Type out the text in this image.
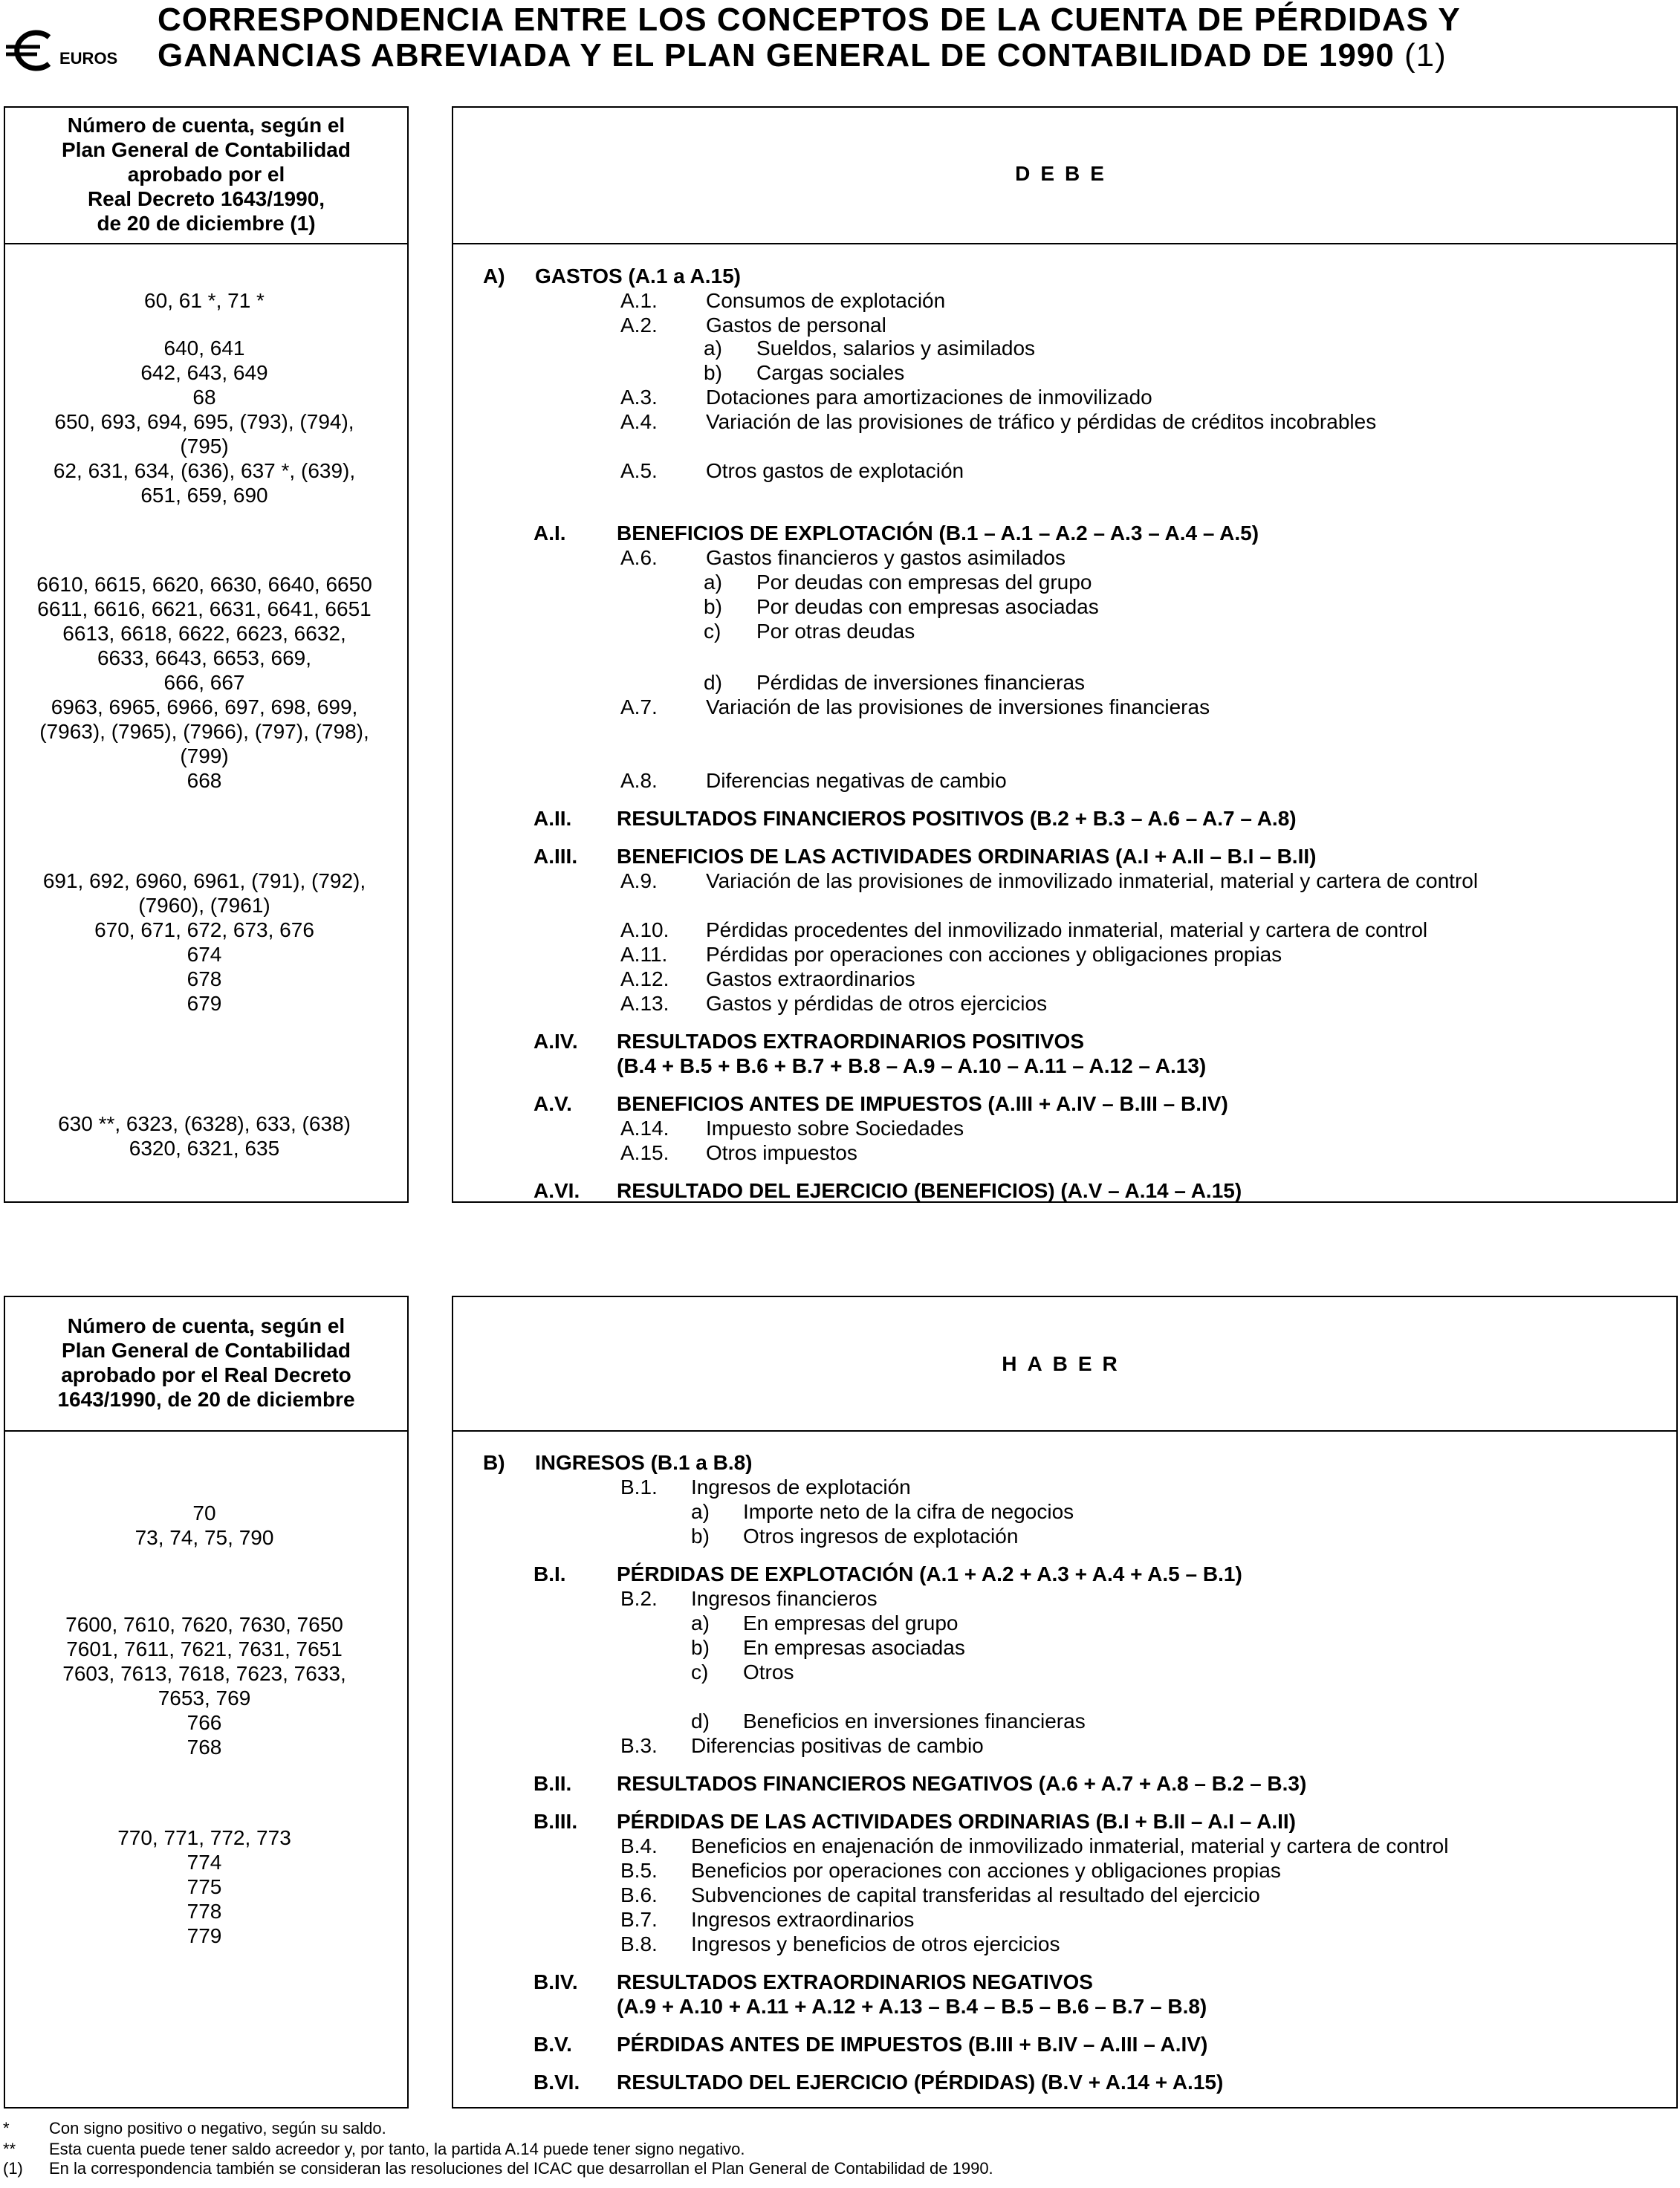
EUROS
CORRESPONDENCIA ENTRE LOS CONCEPTOS DE LA CUENTA DE PÉRDIDAS Y
GANANCIAS ABREVIADA Y EL PLAN GENERAL DE CONTABILIDAD DE 1990 (1)
Número de cuenta, según el
Plan General de Contabilidad
aprobado por el
Real Decreto 1643/1990,
de 20 de diciembre (1)
DEBE
60, 61 *, 71 *
640, 641
642, 643, 649
68
650, 693, 694, 695, (793), (794),
(795)
62, 631, 634, (636), 637 *, (639),
651, 659, 690
6610, 6615, 6620, 6630, 6640, 6650
6611, 6616, 6621, 6631, 6641, 6651
6613, 6618, 6622, 6623, 6632,
6633, 6643, 6653, 669,
666, 667
6963, 6965, 6966, 697, 698, 699,
(7963), (7965), (7966), (797), (798),
(799)
668
691, 692, 6960, 6961, (791), (792),
(7960), (7961)
670, 671, 672, 673, 676
674
678
679
630 **, 6323, (6328), 633, (638)
6320, 6321, 635
A) GASTOS (A.1 a A.15)
A.1. Consumos de explotación
A.2. Gastos de personal
a) Sueldos, salarios y asimilados
b) Cargas sociales
A.3. Dotaciones para amortizaciones de inmovilizado
A.4. Variación de las provisiones de tráfico y pérdidas de créditos incobrables
A.5. Otros gastos de explotación
A.I. BENEFICIOS DE EXPLOTACIÓN (B.1 – A.1 – A.2 – A.3 – A.4 – A.5)
A.6. Gastos financieros y gastos asimilados
a) Por deudas con empresas del grupo
b) Por deudas con empresas asociadas
c) Por otras deudas
d) Pérdidas de inversiones financieras
A.7. Variación de las provisiones de inversiones financieras
A.8. Diferencias negativas de cambio
A.II. RESULTADOS FINANCIEROS POSITIVOS (B.2 + B.3 – A.6 – A.7 – A.8)
A.III. BENEFICIOS DE LAS ACTIVIDADES ORDINARIAS (A.I + A.II – B.I – B.II)
A.9. Variación de las provisiones de inmovilizado inmaterial, material y cartera de control
A.10. Pérdidas procedentes del inmovilizado inmaterial, material y cartera de control
A.11. Pérdidas por operaciones con acciones y obligaciones propias
A.12. Gastos extraordinarios
A.13. Gastos y pérdidas de otros ejercicios
A.IV. RESULTADOS EXTRAORDINARIOS POSITIVOS
(B.4 + B.5 + B.6 + B.7 + B.8 – A.9 – A.10 – A.11 – A.12 – A.13)
A.V. BENEFICIOS ANTES DE IMPUESTOS (A.III + A.IV – B.III – B.IV)
A.14. Impuesto sobre Sociedades
A.15. Otros impuestos
A.VI. RESULTADO DEL EJERCICIO (BENEFICIOS) (A.V – A.14 – A.15)
Número de cuenta, según el
Plan General de Contabilidad
aprobado por el Real Decreto
1643/1990, de 20 de diciembre
HABER
70
73, 74, 75, 790
7600, 7610, 7620, 7630, 7650
7601, 7611, 7621, 7631, 7651
7603, 7613, 7618, 7623, 7633,
7653, 769
766
768
770, 771, 772, 773
774
775
778
779
B) INGRESOS (B.1 a B.8)
B.1. Ingresos de explotación
a) Importe neto de la cifra de negocios
b) Otros ingresos de explotación
B.I. PÉRDIDAS DE EXPLOTACIÓN (A.1 + A.2 + A.3 + A.4 + A.5 – B.1)
B.2. Ingresos financieros
a) En empresas del grupo
b) En empresas asociadas
c) Otros
d) Beneficios en inversiones financieras
B.3. Diferencias positivas de cambio
B.II. RESULTADOS FINANCIEROS NEGATIVOS (A.6 + A.7 + A.8 – B.2 – B.3)
B.III. PÉRDIDAS DE LAS ACTIVIDADES ORDINARIAS (B.I + B.II – A.I – A.II)
B.4. Beneficios en enajenación de inmovilizado inmaterial, material y cartera de control
B.5. Beneficios por operaciones con acciones y obligaciones propias
B.6. Subvenciones de capital transferidas al resultado del ejercicio
B.7. Ingresos extraordinarios
B.8. Ingresos y beneficios de otros ejercicios
B.IV. RESULTADOS EXTRAORDINARIOS NEGATIVOS
(A.9 + A.10 + A.11 + A.12 + A.13 – B.4 – B.5 – B.6 – B.7 – B.8)
B.V. PÉRDIDAS ANTES DE IMPUESTOS (B.III + B.IV – A.III – A.IV)
B.VI. RESULTADO DEL EJERCICIO (PÉRDIDAS) (B.V + A.14 + A.15)
* Con signo positivo o negativo, según su saldo.
** Esta cuenta puede tener saldo acreedor y, por tanto, la partida A.14 puede tener signo negativo.
(1) En la correspondencia también se consideran las resoluciones del ICAC que desarrollan el Plan General de Contabilidad de 1990.
